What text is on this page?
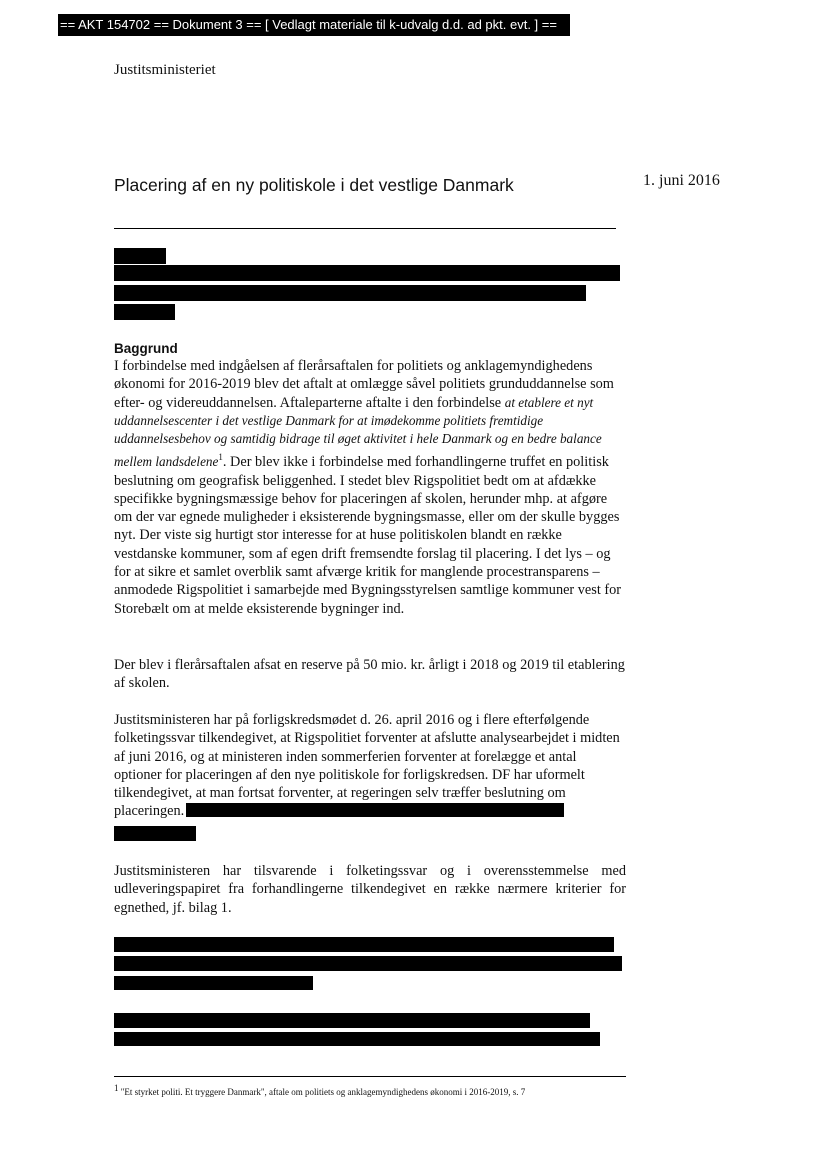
== AKT 154702 == Dokument 3 == [ Vedlagt materiale til k-udvalg d.d. ad pkt. evt. ] ==
Justitsministeriet
Placering af en ny politiskole i det vestlige Danmark	1. juni 2016
Baggrund
I forbindelse med indgåelsen af flerårsaftalen for politiets og anklagemyndighedens økonomi for 2016-2019 blev det aftalt at omlægge såvel politiets grunduddannelse som efter- og videreuddannelsen. Aftaleparterne aftalte i den forbindelse at etablere et nyt uddannelsescenter i det vestlige Danmark for at imødekomme politiets fremtidige uddannelsesbehov og samtidig bidrage til øget aktivitet i hele Danmark og en bedre balance mellem landsdelene$^1$. Der blev ikke i forbindelse med forhandlingerne truffet en politisk beslutning om geografisk beliggenhed. I stedet blev Rigspolitiet bedt om at afdække specifikke bygningsmæssige behov for placeringen af skolen, herunder mhp. at afgøre om der var egnede muligheder i eksisterende bygningsmasse, eller om der skulle bygges nyt. Der viste sig hurtigt stor interesse for at huse politiskolen blandt en række vestdanske kommuner, som af egen drift fremsendte forslag til placering. I det lys – og for at sikre et samlet overblik samt afværge kritik for manglende procestransparens – anmodede Rigspolitiet i samarbejde med Bygningsstyrelsen samtlige kommuner vest for Storebælt om at melde eksisterende bygninger ind.
Der blev i flerårsaftalen afsat en reserve på 50 mio. kr. årligt i 2018 og 2019 til etablering af skolen.
Justitsministeren har på forligskredsmødet d. 26. april 2016 og i flere efterfølgende folketingssvar tilkendegivet, at Rigspolitiet forventer at afslutte analysearbejdet i midten af juni 2016, og at ministeren inden sommerferien forventer at forelægge et antal optioner for placeringen af den nye politiskole for forligskredsen. DF har uformelt tilkendegivet, at man fortsat forventer, at regeringen selv træffer beslutning om placeringen.
Justitsministeren har tilsvarende i folketingssvar og i overensstemmelse med udleveringspapiret fra forhandlingerne tilkendegivet en række nærmere kriterier for egnethed, jf. bilag 1.
$^1$ "Et styrket politi. Et tryggere Danmark", aftale om politiets og anklagemyndighedens økonomi i 2016-2019, s. 7
